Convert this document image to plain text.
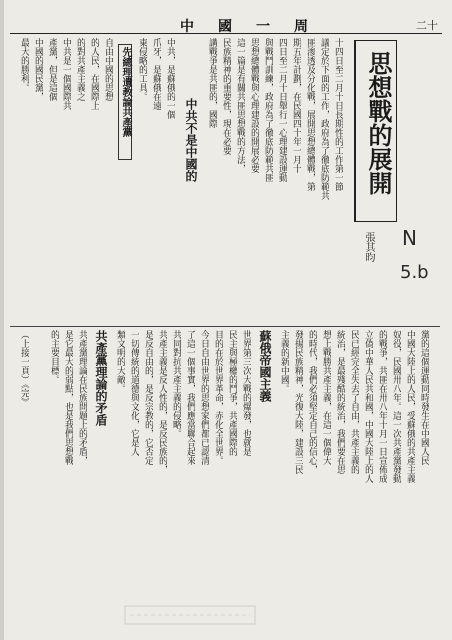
二十
中國一周
思想戰的展開
張其昀 N
5.b
十四日至二月十日長期性的工作第一節
議定於下面的工作，政府為了徹底防範共
匪渗透及分化戰，展開思想總體戰，第
期五年計劃，在民國四十年一月十
四日至二月十日舉行一心理建設運動
與戰鬥訓練，政府為了徹底防範共匪
思想總體戰與心理建設的開展必要
這一篇是有關共匪思想戰的方法，
民族精神的重要性，現在必要
講戰爭是共匪的，國際
中共不是中國的
中共，是蘇俄的一個
爪牙，是蘇俄在遠
東侵略的工具。
先總理遺教論共產黨
自由中國的思想
的人民，在國際上
的對共產主義之
中共是一個國際共
產黨，但是這個
中國的國民黨，
最大的勝利。
黨的這個運動同時發生在中國人民
中國大陸上的人民，受蘇俄的共產主義
奴役，民國卅八年。這一次共產黨發動
的戰爭，共匪在卅八年十月一日宣佈成
立偽中華人民共和國，中國大陸上的人
民已經完全失去了自由，共產主義的
統治，是最殘酷的統治，我們要在思
想上戰勝共產主義，在這一個偉大
的時代，我們必須堅定自己的信心，
發揚民族精神，光復大陸，建設三民
主義的新中國。
蘇俄帝國主義
世界第三次大戰的爆發，也就是
民主與極權的鬥爭，共產國際的
目的在於世界革命，赤化全世界。
今日自由世界的思想家們都已認清
了這一個事實，我們應當聯合起來
共同對抗共產主義的侵略。
共產主義是反人性的，是反民族的，
是反自由的，是反宗教的，它否定
一切傳統的道德與文化，它是人
類文明的大敵。
共產黨理論的矛盾
共產黨理論在民族問題上的矛盾，
是它最大的弱點，也是我們思想戰
的主要目標。
（上接一頁）《完》
